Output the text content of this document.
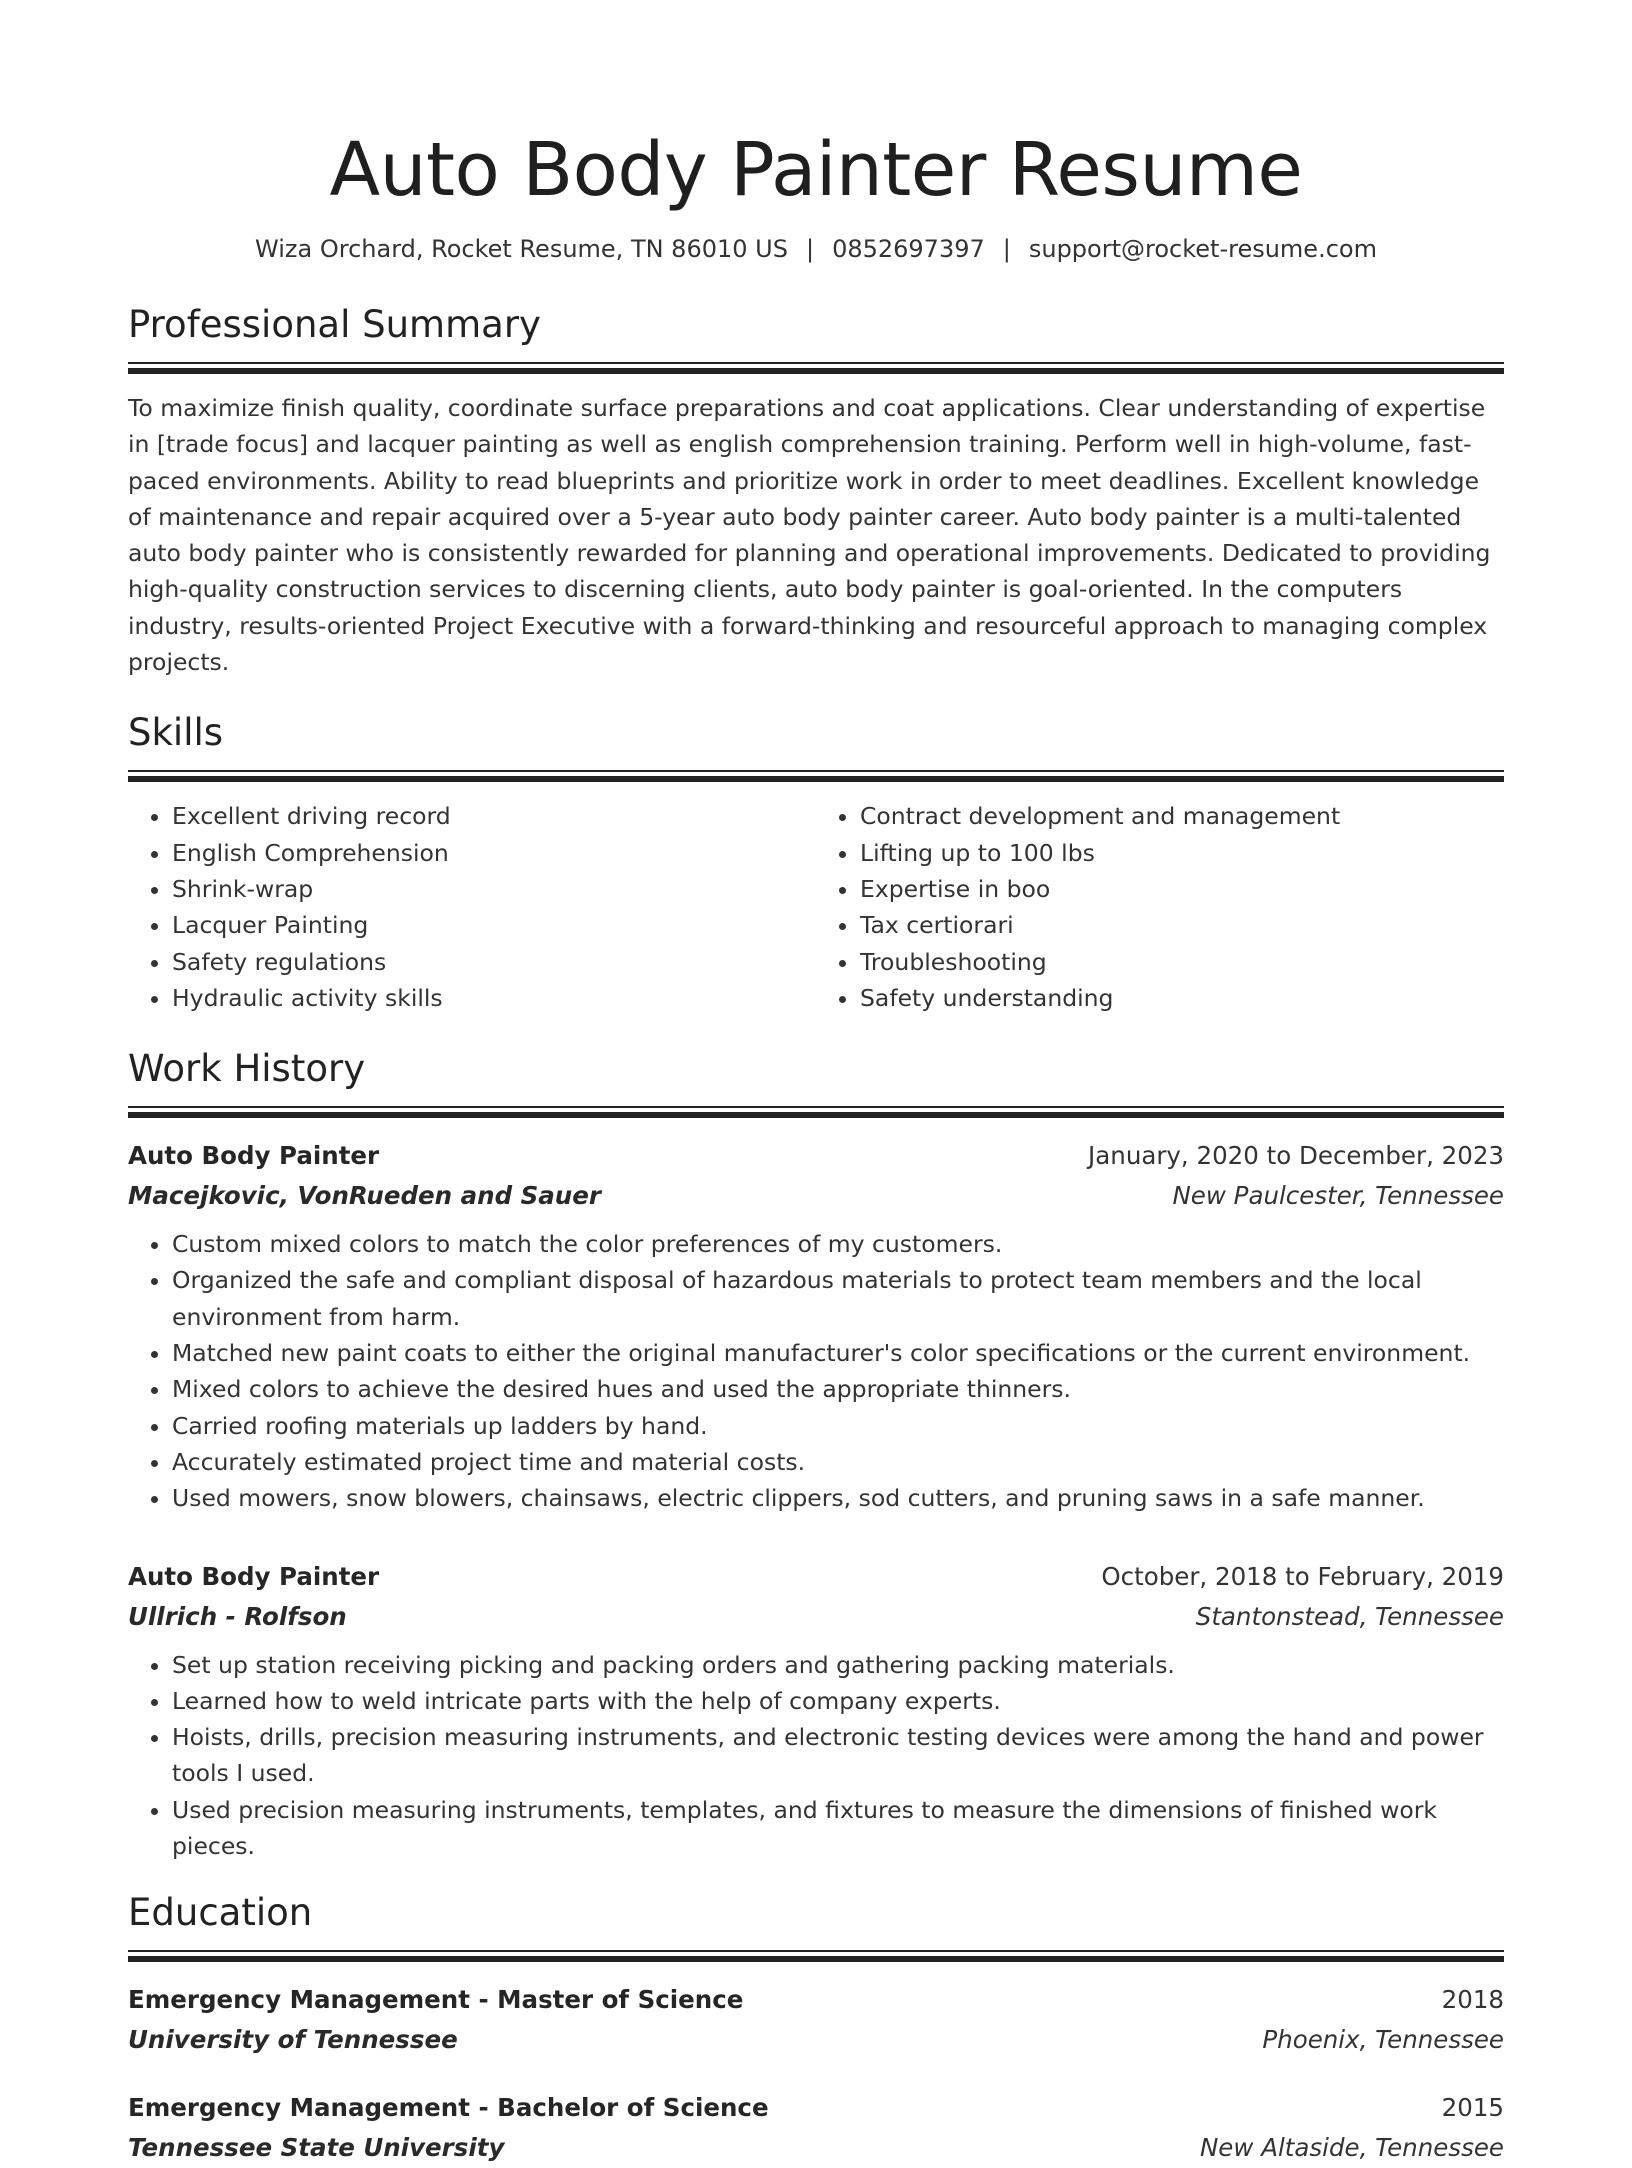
Auto Body Painter Resume
Wiza Orchard, Rocket Resume, TN 86010 US | 0852697397 | support@rocket-resume.com
Professional Summary

To maximize finish quality, coordinate surface preparations and coat applications. Clear understanding of expertise in [trade focus] and lacquer painting as well as english comprehension training. Perform well in high-volume, fast-paced environments. Ability to read blueprints and prioritize work in order to meet deadlines. Excellent knowledge of maintenance and repair acquired over a 5-year auto body painter career. Auto body painter is a multi-talented auto body painter who is consistently rewarded for planning and operational improvements. Dedicated to providing high-quality construction services to discerning clients, auto body painter is goal-oriented. In the computers industry, results-oriented Project Executive with a forward-thinking and resourceful approach to managing complex projects.

Skills
• Excellent driving record
• English Comprehension
• Shrink-wrap
• Lacquer Painting
• Safety regulations
• Hydraulic activity skills
• Contract development and management
• Lifting up to 100 lbs
• Expertise in boo
• Tax certiorari
• Troubleshooting
• Safety understanding
Work History
Auto Body Painter	January, 2020 to December, 2023
Macejkovic, VonRueden and Sauer	New Paulcester, Tennessee
• Custom mixed colors to match the color preferences of my customers.
• Organized the safe and compliant disposal of hazardous materials to protect team members and the local environment from harm.
• Matched new paint coats to either the original manufacturer's color specifications or the current environment.
• Mixed colors to achieve the desired hues and used the appropriate thinners.
• Carried roofing materials up ladders by hand.
• Accurately estimated project time and material costs.
• Used mowers, snow blowers, chainsaws, electric clippers, sod cutters, and pruning saws in a safe manner.
Auto Body Painter	October, 2018 to February, 2019
Ullrich - Rolfson	Stantonstead, Tennessee
• Set up station receiving picking and packing orders and gathering packing materials.
• Learned how to weld intricate parts with the help of company experts.
• Hoists, drills, precision measuring instruments, and electronic testing devices were among the hand and power tools I used.
• Used precision measuring instruments, templates, and fixtures to measure the dimensions of finished work pieces.
Education
Emergency Management - Master of Science	2018
University of Tennessee	Phoenix, Tennessee
Emergency Management - Bachelor of Science	2015
Tennessee State University	New Altaside, Tennessee
